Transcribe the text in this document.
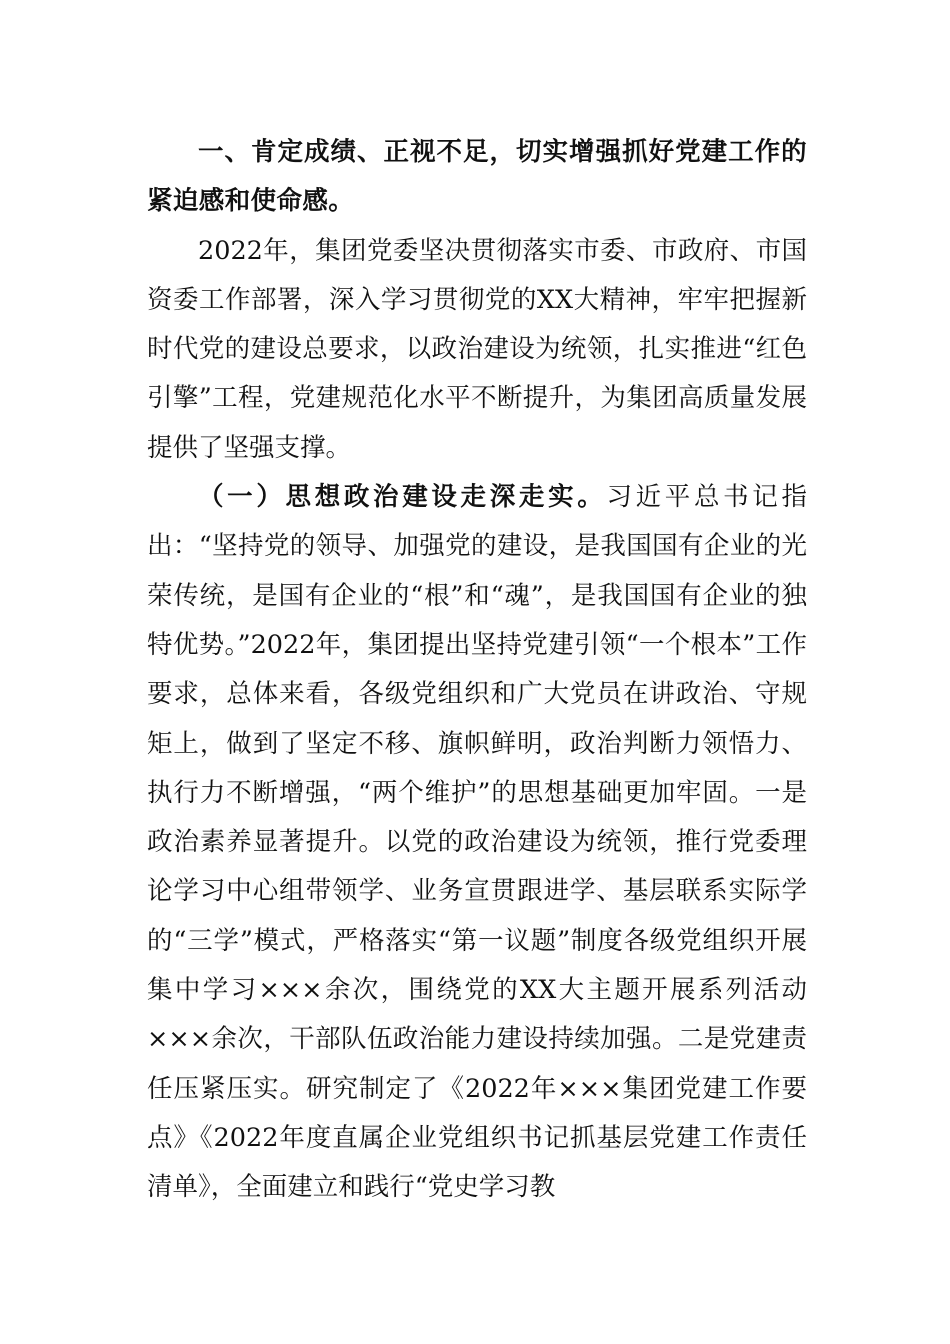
一、肯定成绩、正视不足，切实增强抓好党建工作的紧迫感和使命感。

2022年，集团党委坚决贯彻落实市委、市政府、市国资委工作部署，深入学习贯彻党的XX大精神，牢牢把握新时代党的建设总要求，以政治建设为统领，扎实推进“红色引擎”工程，党建规范化水平不断提升，为集团高质量发展提供了坚强支撑。

（一）思想政治建设走深走实。习近平总书记指出：“坚持党的领导、加强党的建设，是我国国有企业的光荣传统，是国有企业的“根”和“魂”，是我国国有企业的独特优势。”2022年，集团提出坚持党建引领“一个根本”工作要求，总体来看，各级党组织和广大党员在讲政治、守规矩上，做到了坚定不移、旗帜鲜明，政治判断力领悟力、执行力不断增强，“两个维护”的思想基础更加牢固。一是政治素养显著提升。以党的政治建设为统领，推行党委理论学习中心组带领学、业务宣贯跟进学、基层联系实际学的“三学”模式，严格落实“第一议题”制度各级党组织开展集中学习×××余次，围绕党的XX大主题开展系列活动×××余次，干部队伍政治能力建设持续加强。二是党建责任压紧压实。研究制定了《2022年×××集团党建工作要点》《2022年度直属企业党组织书记抓基层党建工作责任清单》，全面建立和践行“党史学习教
